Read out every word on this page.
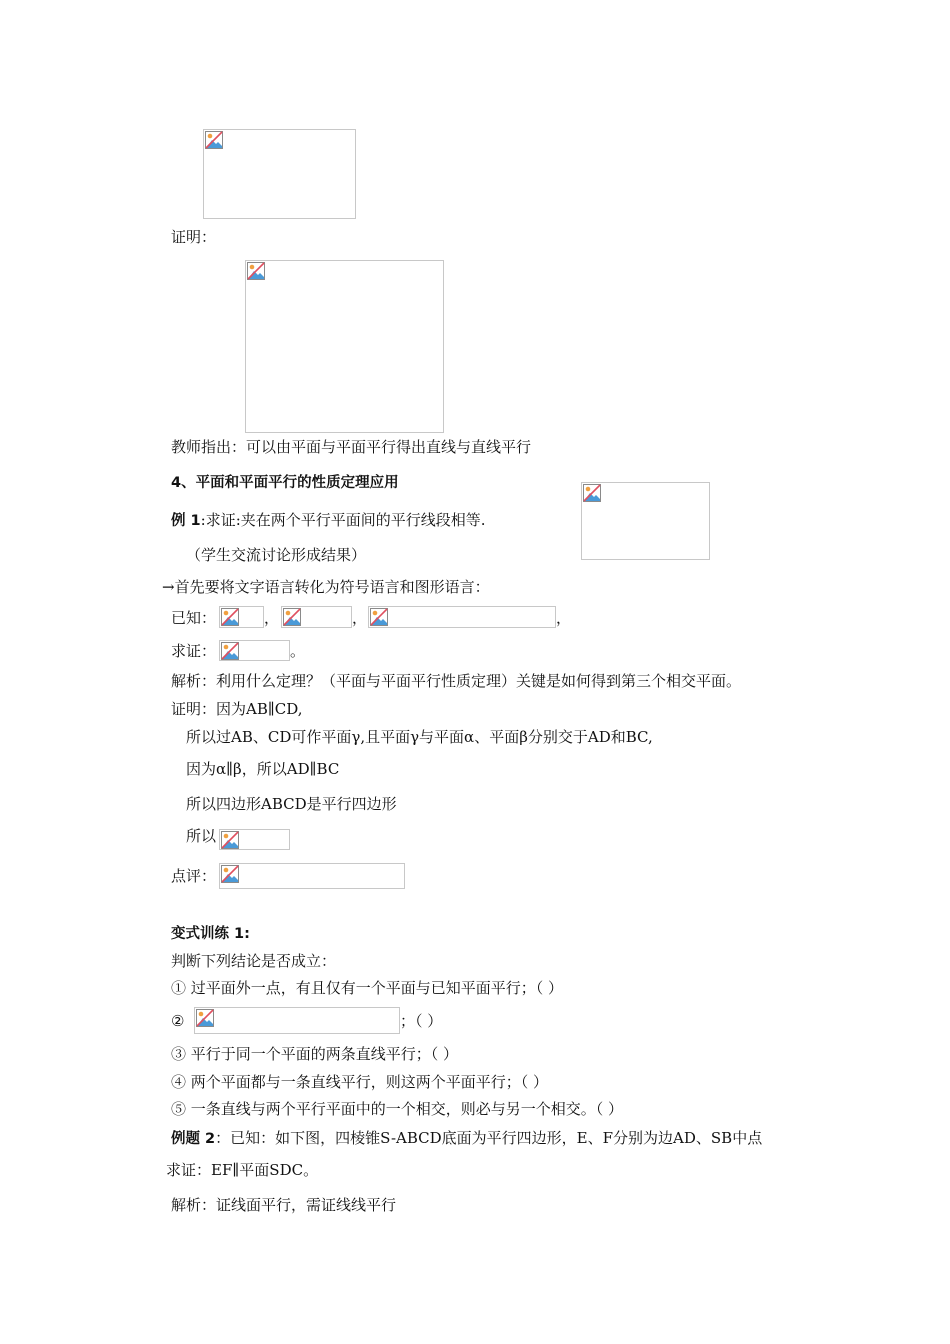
证明：
教师指出：可以由平面与平面平行得出直线与直线平行
4、平面和平面平行的性质定理应用
例 1:求证:夹在两个平行平面间的平行线段相等.
（学生交流讨论形成结果）
→首先要将文字语言转化为符号语言和图形语言：
已知：	，	，	，
求证：	。
解析：利用什么定理？（平面与平面平行性质定理）关键是如何得到第三个相交平面。
证明：因为AB∥CD,
所以过AB、CD可作平面γ,且平面γ与平面α、平面β分别交于AD和BC,
因为α∥β，所以AD∥BC
所以四边形ABCD是平行四边形
所以
点评：
变式训练 1:
判断下列结论是否成立：
① 过平面外一点，有且仅有一个平面与已知平面平行；（ ）
②	；（ ）
③ 平行于同一个平面的两条直线平行；（ ）
④ 两个平面都与一条直线平行，则这两个平面平行；（ ）
⑤ 一条直线与两个平行平面中的一个相交，则必与另一个相交。（ ）
例题 2：已知：如下图，四棱锥S-ABCD底面为平行四边形，E、F分别为边AD、SB中点
求证：EF∥平面SDC。
解析：证线面平行，需证线线平行
